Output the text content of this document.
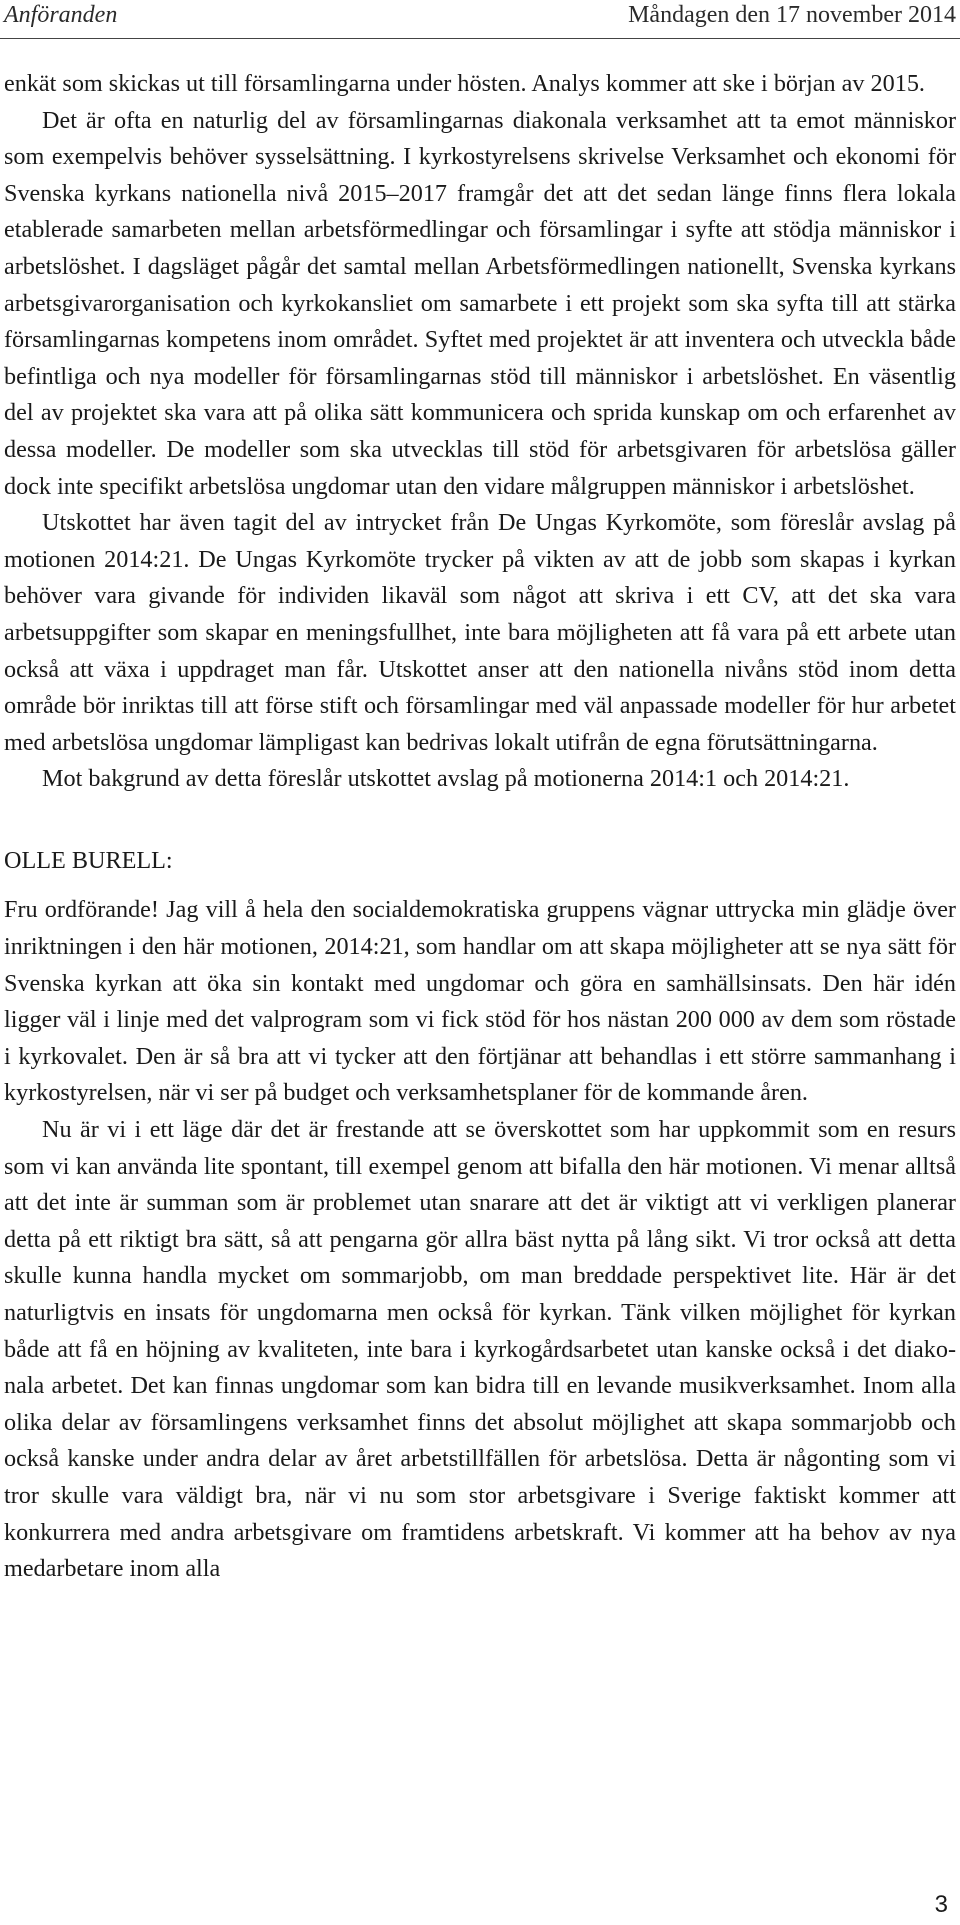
Anföranden	Måndagen den 17 november 2014

enkät som skickas ut till församlingarna under hösten. Analys kommer att ske i början av 2015.

Det är ofta en naturlig del av församlingarnas diakonala verksamhet att ta emot människor som exempelvis behöver sysselsättning. I kyrkostyrelsens skrivelse Verksamhet och ekonomi för Svenska kyrkans nationella nivå 2015–2017 framgår det att det sedan länge finns flera lokala etablerade samarbeten mellan arbetsförmedlingar och församlingar i syfte att stödja människor i arbetslöshet. I dagsläget pågår det samtal mellan Arbetsförmedlingen nationellt, Svenska kyrkans arbetsgivarorganisation och kyrkokansliet om samarbete i ett projekt som ska syfta till att stärka församlingarnas kompetens inom området. Syftet med projektet är att inventera och utveckla både befintliga och nya modeller för församlingarnas stöd till människor i arbetslöshet. En väsentlig del av projektet ska vara att på olika sätt kommunicera och sprida kunskap om och erfarenhet av dessa modeller. De modeller som ska utvecklas till stöd för arbetsgivaren för arbetslösa gäller dock inte specifikt arbetslösa ungdomar utan den vidare målgruppen människor i arbetslöshet.

Utskottet har även tagit del av intrycket från De Ungas Kyrkomöte, som föreslår avslag på motionen 2014:21. De Ungas Kyrkomöte trycker på vikten av att de jobb som skapas i kyrkan behöver vara givande för individen likaväl som något att skriva i ett CV, att det ska vara arbetsuppgifter som skapar en meningsfullhet, inte bara möjligheten att få vara på ett arbete utan också att växa i uppdraget man får. Utskottet anser att den nationella nivåns stöd inom detta område bör inriktas till att förse stift och församlingar med väl anpassade modeller för hur arbetet med arbetslösa ungdomar lämpligast kan bedrivas lokalt utifrån de egna förutsättningarna.

Mot bakgrund av detta föreslår utskottet avslag på motionerna 2014:1 och 2014:21.

OLLE BURELL:

Fru ordförande! Jag vill å hela den socialdemokratiska gruppens vägnar uttrycka min glädje över inriktningen i den här motionen, 2014:21, som handlar om att skapa möjligheter att se nya sätt för Svenska kyrkan att öka sin kontakt med ungdomar och göra en samhällsinsats. Den här idén ligger väl i linje med det valprogram som vi fick stöd för hos nästan 200 000 av dem som röstade i kyrkovalet. Den är så bra att vi tycker att den förtjänar att behandlas i ett större sammanhang i kyrkostyrelsen, när vi ser på budget och verksamhetsplaner för de kommande åren.

Nu är vi i ett läge där det är frestande att se överskottet som har uppkommit som en resurs som vi kan använda lite spontant, till exempel genom att bifalla den här motionen. Vi menar alltså att det inte är summan som är problemet utan snarare att det är viktigt att vi verkligen planerar detta på ett riktigt bra sätt, så att pengarna gör allra bäst nytta på lång sikt. Vi tror också att detta skulle kunna handla mycket om sommarjobb, om man breddade perspektivet lite. Här är det naturligtvis en insats för ungdomarna men också för kyrkan. Tänk vilken möjlighet för kyrkan både att få en höjning av kvaliteten, inte bara i kyrkogårdsarbetet utan kanske också i det diakonala arbetet. Det kan finnas ungdomar som kan bidra till en levande musikverksamhet. Inom alla olika delar av församlingens verksamhet finns det absolut möjlighet att skapa sommarjobb och också kanske under andra delar av året arbetstillfällen för arbetslösa. Detta är någonting som vi tror skulle vara väldigt bra, när vi nu som stor arbetsgivare i Sverige faktiskt kommer att konkurrera med andra arbetsgivare om framtidens arbetskraft. Vi kommer att ha behov av nya medarbetare inom alla

3
